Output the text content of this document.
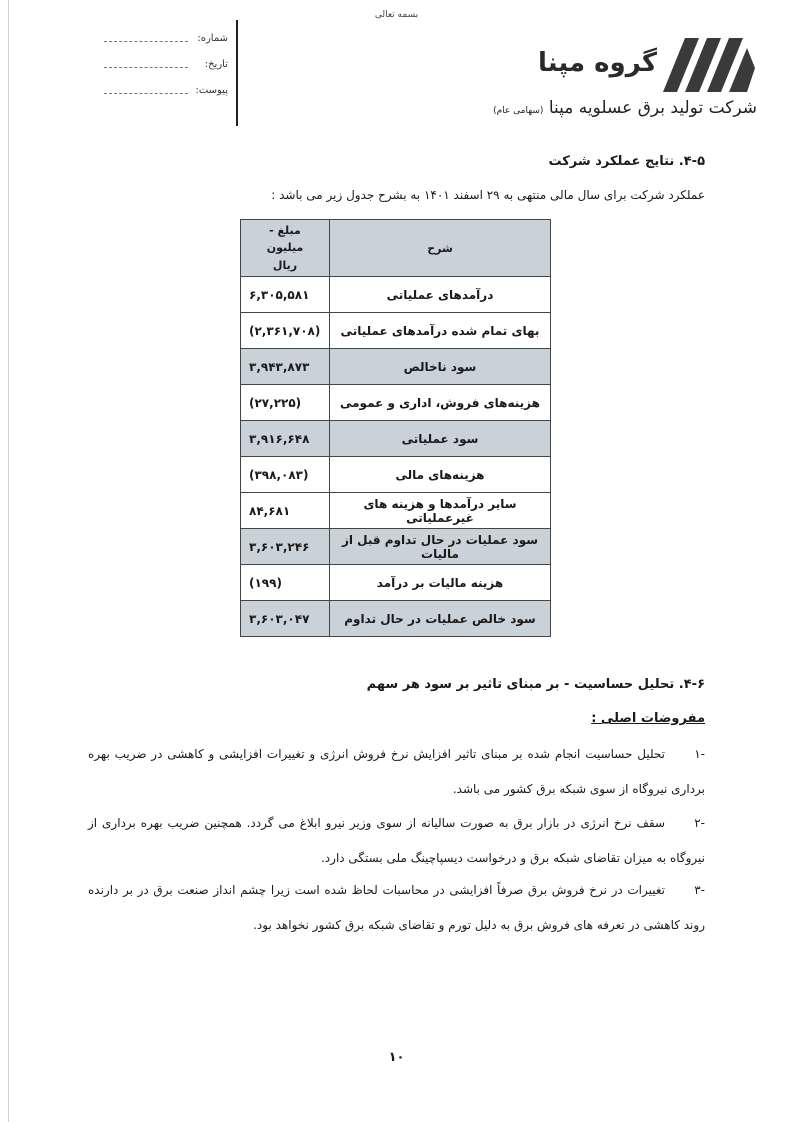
بسمه تعالی
شماره:
تاریخ:
پیوست:
گروه مپنا
شرکت تولید برق عسلویه مپنا (سهامی عام)
۴-۵. نتایج عملکرد شرکت
عملکرد شرکت برای سال مالی منتهی به ۲۹ اسفند ۱۴۰۱ به بشرح جدول زیر می باشد :
شرح	مبلغ - میلیون
ریال

درآمدهای عملیاتی	۶,۳۰۵,۵۸۱
بهای تمام شده درآمدهای عملیاتی	(۲,۳۶۱,۷۰۸)
سود ناخالص	۳,۹۴۳,۸۷۳
هزینه‌های فروش، اداری و عمومی	(۲۷,۲۲۵)
سود عملیاتی	۳,۹۱۶,۶۴۸
هزینه‌های مالی	(۳۹۸,۰۸۳)
سایر درآمدها و هزینه های غیرعملیاتی	۸۴,۶۸۱
سود عملیات در حال تداوم قبل از مالیات	۳,۶۰۳,۲۴۶
هزینه مالیات بر درآمد	(۱۹۹)
سود خالص عملیات در حال تداوم	۳,۶۰۳,۰۴۷
۴-۶. تحلیل حساسیت - بر مبنای تاثیر بر سود هر سهم
مفروضات اصلی :
-۱
تحلیل حساسیت انجام شده بر مبنای تاثیر افزایش نرخ فروش انرژی و تغییرات افزایشی و کاهشی در ضریب بهره برداری نیروگاه از سوی شبکه برق کشور می باشد.
-۲
سقف نرخ انرژی در بازار برق به صورت سالیانه از سوی وزیر نیرو ابلاغ می گردد. همچنین ضریب بهره برداری از نیروگاه به میزان تقاضای شبکه برق و درخواست دیسپاچینگ ملی بستگی دارد.
-۳
تغییرات در نرخ فروش برق صرفاً افزایشی در محاسبات لحاظ شده است زیرا چشم انداز صنعت برق در بر دارنده روند کاهشی در تعرفه های فروش برق به دلیل تورم و تقاضای شبکه برق کشور نخواهد بود.
۱۰
